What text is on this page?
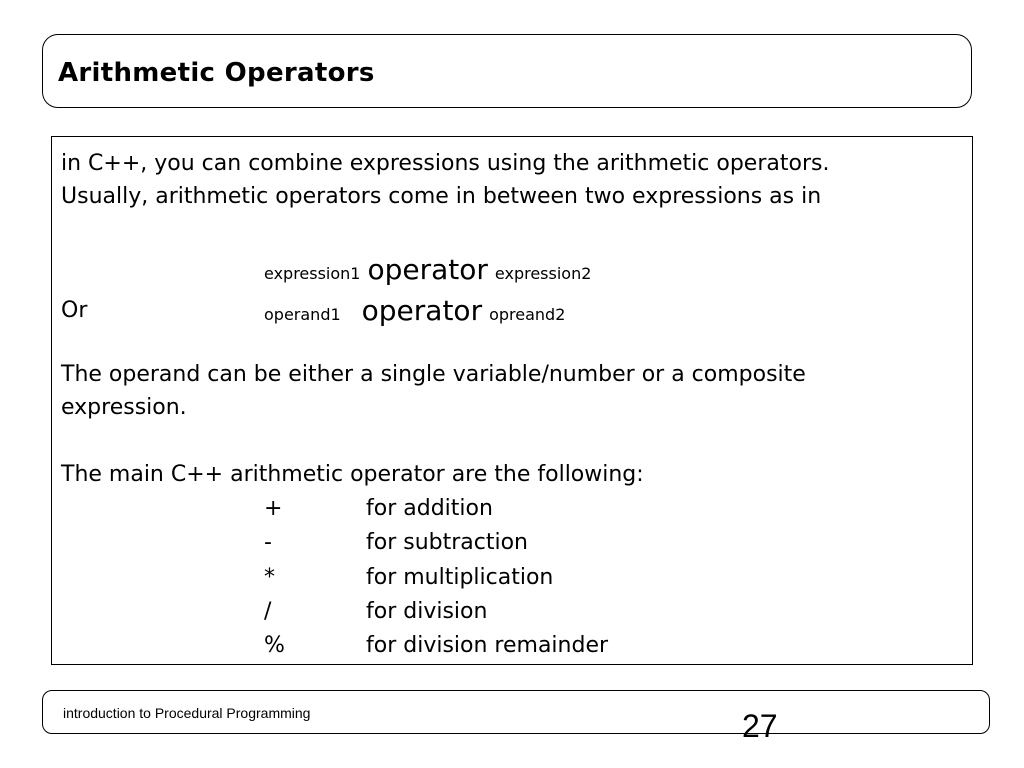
Arithmetic Operators
in C++, you can combine expressions using the arithmetic operators.
Usually, arithmetic operators come in between two expressions as in
expression1 operator expression2
Or	operand1 operator opreand2
The operand can be either a single variable/number or a composite
expression.
The main C++ arithmetic operator are the following:
+	for addition
-	for subtraction
*	for multiplication
/	for division
%	for division remainder
introduction to Procedural Programming	27
